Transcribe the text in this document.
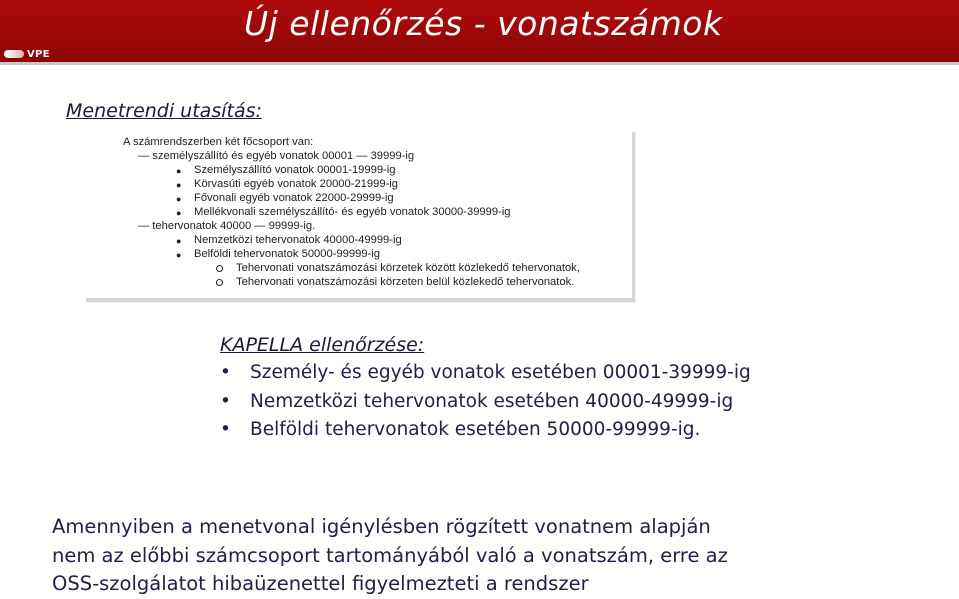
Új ellenőrzés - vonatszámok
VPE
Menetrendi utasítás:
A számrendszerben két főcsoport van:
— személyszállító és egyéb vonatok 00001 — 39999-ig
● Személyszállító vonatok 00001-19999-ig
● Körvasúti egyéb vonatok 20000-21999-ig
● Fővonali egyéb vonatok 22000-29999-ig
● Mellékvonali személyszállító- és egyéb vonatok 30000-39999-ig
— tehervonatok 40000 — 99999-ig.
● Nemzetközi tehervonatok 40000-49999-ig
● Belföldi tehervonatok 50000-99999-ig
Tehervonati vonatszámozási körzetek között közlekedő tehervonatok,
Tehervonati vonatszámozási körzeten belül közlekedő tehervonatok.
KAPELLA ellenőrzése:
• Személy- és egyéb vonatok esetében 00001-39999-ig
• Nemzetközi tehervonatok esetében 40000-49999-ig
• Belföldi tehervonatok esetében 50000-99999-ig.
Amennyiben a menetvonal igénylésben rögzített vonatnem alapján
nem az előbbi számcsoport tartományából való a vonatszám, erre az
OSS-szolgálatot hibaüzenettel figyelmezteti a rendszer
